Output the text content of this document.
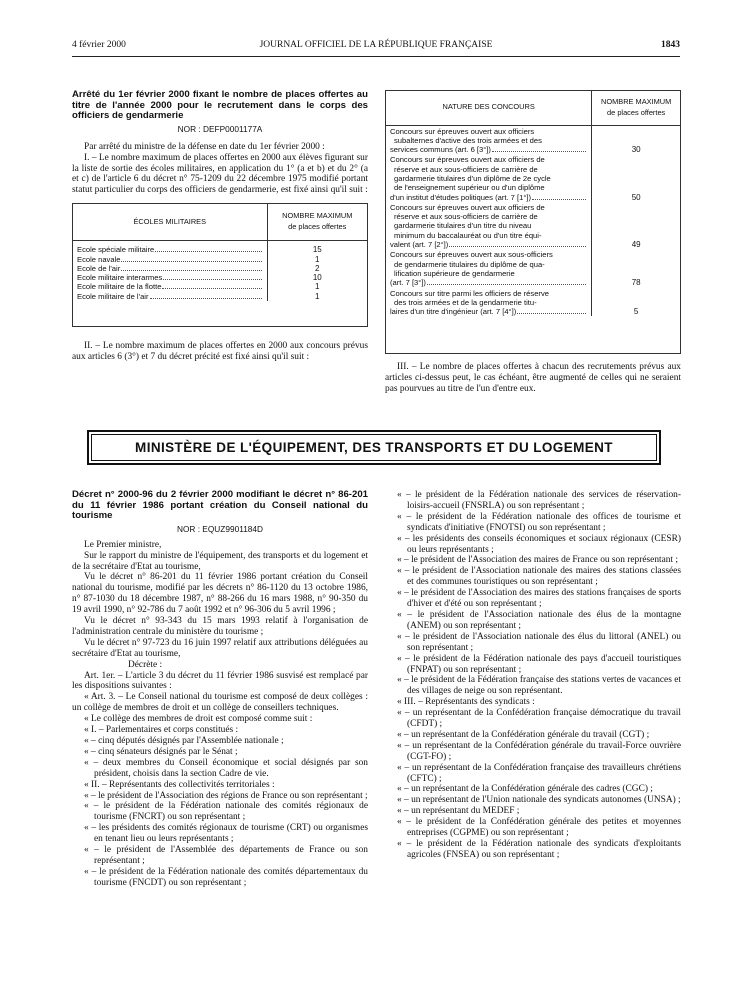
4 février 2000	JOURNAL OFFICIEL DE LA RÉPUBLIQUE FRANÇAISE	1843

Arrêté du 1er février 2000 fixant le nombre de places offertes au titre de l'année 2000 pour le recrutement dans le corps des officiers de gendarmerie

NOR : DEFP0001177A

Par arrêté du ministre de la défense en date du 1er février 2000 :

I. – Le nombre maximum de places offertes en 2000 aux élèves figurant sur la liste de sortie des écoles militaires, en application du 1° (a et b) et du 2° (a et c) de l'article 6 du décret n° 75-1209 du 22 décembre 1975 modifié portant statut particulier du corps des officiers de gendarmerie, est fixé ainsi qu'il suit :

ÉCOLES MILITAIRES	NOMBRE MAXIMUM
de places offertes

Ecole spéciale militaire	15

Ecole navale	1

Ecole de l'air	2

Ecole militaire interarmes	10

Ecole militaire de la flotte	1

Ecole militaire de l'air	1

II. – Le nombre maximum de places offertes en 2000 aux concours prévus aux articles 6 (3°) et 7 du décret précité est fixé ainsi qu'il suit :

NATURE DES CONCOURS	NOMBRE MAXIMUM
de places offertes
Concours sur épreuves ouvert aux officiers
subalternes d'active des trois armées et des
services communs (art. 6 [3°])	30

Concours sur épreuves ouvert aux officiers de
réserve et aux sous-officiers de carrière de
gardarmerie titulaires d'un diplôme de 2e cycle
de l'enseignement supérieur ou d'un diplôme
d'un institut d'études politiques (art. 7 [1°])	50

Concours sur épreuves ouvert aux officiers de
réserve et aux sous-officiers de carrière de
gardarmerie titulaires d'un titre du niveau
minimum du baccalauréat ou d'un titre équi-
valent (art. 7 [2°])	49

Concours sur épreuves ouvert aux sous-officiers
de gendarmerie titulaires du diplôme de qua-
lification supérieure de gendarmerie
(art. 7 [3°])	78

Concours sur titre parmi les officiers de réserve
des trois armées et de la gendarmerie titu-
laires d'un titre d'ingénieur (art. 7 [4°])	5

III. – Le nombre de places offertes à chacun des recrutements prévus aux articles ci-dessus peut, le cas échéant, être augmenté de celles qui ne seraient pas pourvues au titre de l'un d'entre eux.

MINISTÈRE DE L'ÉQUIPEMENT, DES TRANSPORTS ET DU LOGEMENT

Décret n° 2000-96 du 2 février 2000 modifiant le décret n° 86-201 du 11 février 1986 portant création du Conseil national du tourisme

NOR : EQUZ9901184D

Le Premier ministre,

Sur le rapport du ministre de l'équipement, des transports et du logement et de la secrétaire d'Etat au tourisme,

Vu le décret n° 86-201 du 11 février 1986 portant création du Conseil national du tourisme, modifié par les décrets n° 86-1120 du 13 octobre 1986, n° 87-1030 du 18 décembre 1987, n° 88-266 du 16 mars 1988, n° 90-350 du 19 avril 1990, n° 92-786 du 7 août 1992 et n° 96-306 du 5 avril 1996 ;

Vu le décret n° 93-343 du 15 mars 1993 relatif à l'organisation de l'administration centrale du ministère du tourisme ;

Vu le décret n° 97-723 du 16 juin 1997 relatif aux attributions déléguées au secrétaire d'Etat au tourisme,

Décrète :

Art. 1er. – L'article 3 du décret du 11 février 1986 susvisé est remplacé par les dispositions suivantes :

« Art. 3. – Le Conseil national du tourisme est composé de deux collèges : un collège de membres de droit et un collège de conseillers techniques.

« Le collège des membres de droit est composé comme suit :

« I. – Parlementaires et corps constitués :

« – cinq députés désignés par l'Assemblée nationale ;

« – cinq sénateurs désignés par le Sénat ;

« – deux membres du Conseil économique et social désignés par son président, choisis dans la section Cadre de vie.

« II. – Représentants des collectivités territoriales :

« – le président de l'Association des régions de France ou son représentant ;

« – le président de la Fédération nationale des comités régionaux de tourisme (FNCRT) ou son représentant ;

« – les présidents des comités régionaux de tourisme (CRT) ou organismes en tenant lieu ou leurs représentants ;

« – le président de l'Assemblée des départements de France ou son représentant ;

« – le président de la Fédération nationale des comités départementaux du tourisme (FNCDT) ou son représentant ;

« – le président de la Fédération nationale des services de réservation-loisirs-accueil (FNSRLA) ou son représentant ;

« – le président de la Fédération nationale des offices de tourisme et syndicats d'initiative (FNOTSI) ou son représentant ;

« – les présidents des conseils économiques et sociaux régionaux (CESR) ou leurs représentants ;

« – le président de l'Association des maires de France ou son représentant ;

« – le président de l'Association nationale des maires des stations classées et des communes touristiques ou son représentant ;

« – le président de l'Association des maires des stations françaises de sports d'hiver et d'été ou son représentant ;

« – le président de l'Association nationale des élus de la montagne (ANEM) ou son représentant ;

« – le président de l'Association nationale des élus du littoral (ANEL) ou son représentant ;

« – le président de la Fédération nationale des pays d'accueil touristiques (FNPAT) ou son représentant ;

« – le président de la Fédération française des stations vertes de vacances et des villages de neige ou son représentant.

« III. – Représentants des syndicats :

« – un représentant de la Confédération française démocratique du travail (CFDT) ;

« – un représentant de la Confédération générale du travail (CGT) ;

« – un représentant de la Confédération générale du travail-Force ouvrière (CGT-FO) ;

« – un représentant de la Confédération française des travailleurs chrétiens (CFTC) ;

« – un représentant de la Confédération générale des cadres (CGC) ;

« – un représentant de l'Union nationale des syndicats autonomes (UNSA) ;

« – un représentant du MEDEF ;

« – le président de la Confédération générale des petites et moyennes entreprises (CGPME) ou son représentant ;

« – le président de la Fédération nationale des syndicats d'exploitants agricoles (FNSEA) ou son représentant ;
